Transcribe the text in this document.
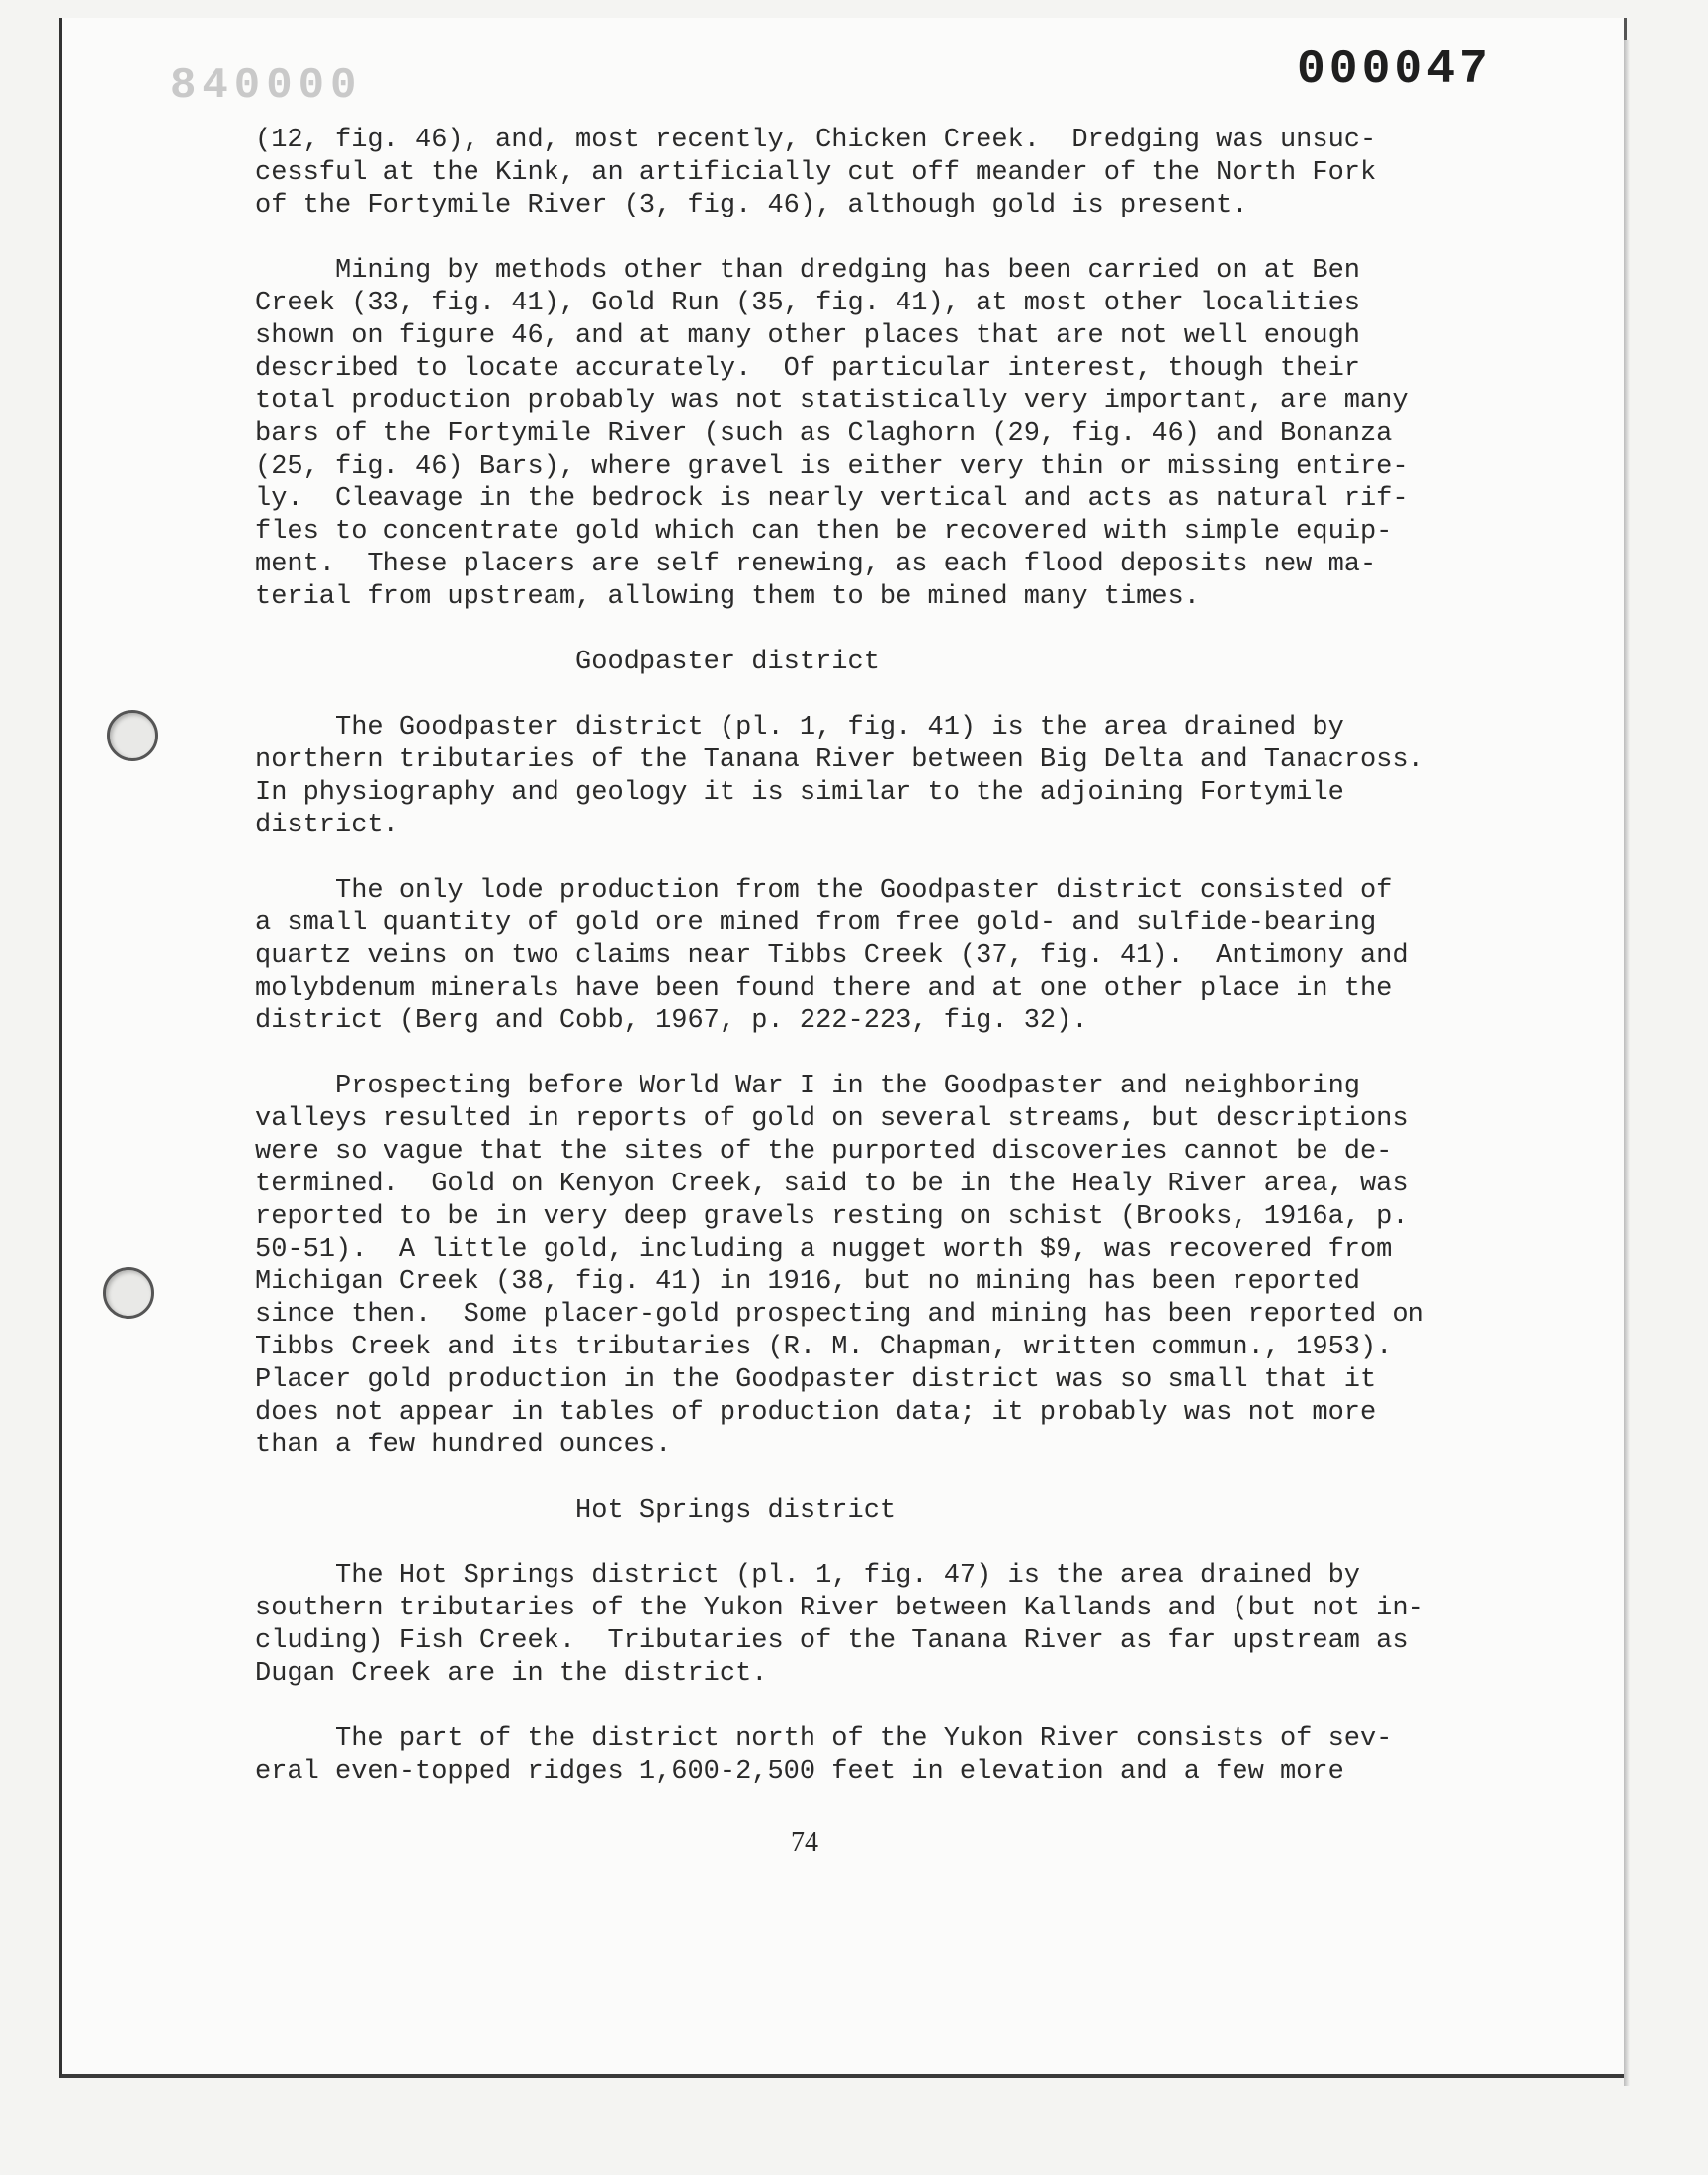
840000	000047
(12, fig. 46), and, most recently, Chicken Creek.  Dredging was unsuc-
cessful at the Kink, an artificially cut off meander of the North Fork
of the Fortymile River (3, fig. 46), although gold is present.
Mining by methods other than dredging has been carried on at Ben
Creek (33, fig. 41), Gold Run (35, fig. 41), at most other localities
shown on figure 46, and at many other places that are not well enough
described to locate accurately.  Of particular interest, though their
total production probably was not statistically very important, are many
bars of the Fortymile River (such as Claghorn (29, fig. 46) and Bonanza
(25, fig. 46) Bars), where gravel is either very thin or missing entire-
ly.  Cleavage in the bedrock is nearly vertical and acts as natural rif-
fles to concentrate gold which can then be recovered with simple equip-
ment.  These placers are self renewing, as each flood deposits new ma-
terial from upstream, allowing them to be mined many times.
Goodpaster district
The Goodpaster district (pl. 1, fig. 41) is the area drained by
northern tributaries of the Tanana River between Big Delta and Tanacross.
In physiography and geology it is similar to the adjoining Fortymile
district.
The only lode production from the Goodpaster district consisted of
a small quantity of gold ore mined from free gold- and sulfide-bearing
quartz veins on two claims near Tibbs Creek (37, fig. 41).  Antimony and
molybdenum minerals have been found there and at one other place in the
district (Berg and Cobb, 1967, p. 222-223, fig. 32).
Prospecting before World War I in the Goodpaster and neighboring
valleys resulted in reports of gold on several streams, but descriptions
were so vague that the sites of the purported discoveries cannot be de-
termined.  Gold on Kenyon Creek, said to be in the Healy River area, was
reported to be in very deep gravels resting on schist (Brooks, 1916a, p.
50-51).  A little gold, including a nugget worth $9, was recovered from
Michigan Creek (38, fig. 41) in 1916, but no mining has been reported
since then.  Some placer-gold prospecting and mining has been reported on
Tibbs Creek and its tributaries (R. M. Chapman, written commun., 1953).
Placer gold production in the Goodpaster district was so small that it
does not appear in tables of production data; it probably was not more
than a few hundred ounces.
Hot Springs district
The Hot Springs district (pl. 1, fig. 47) is the area drained by
southern tributaries of the Yukon River between Kallands and (but not in-
cluding) Fish Creek.  Tributaries of the Tanana River as far upstream as
Dugan Creek are in the district.
The part of the district north of the Yukon River consists of sev-
eral even-topped ridges 1,600-2,500 feet in elevation and a few more
74
